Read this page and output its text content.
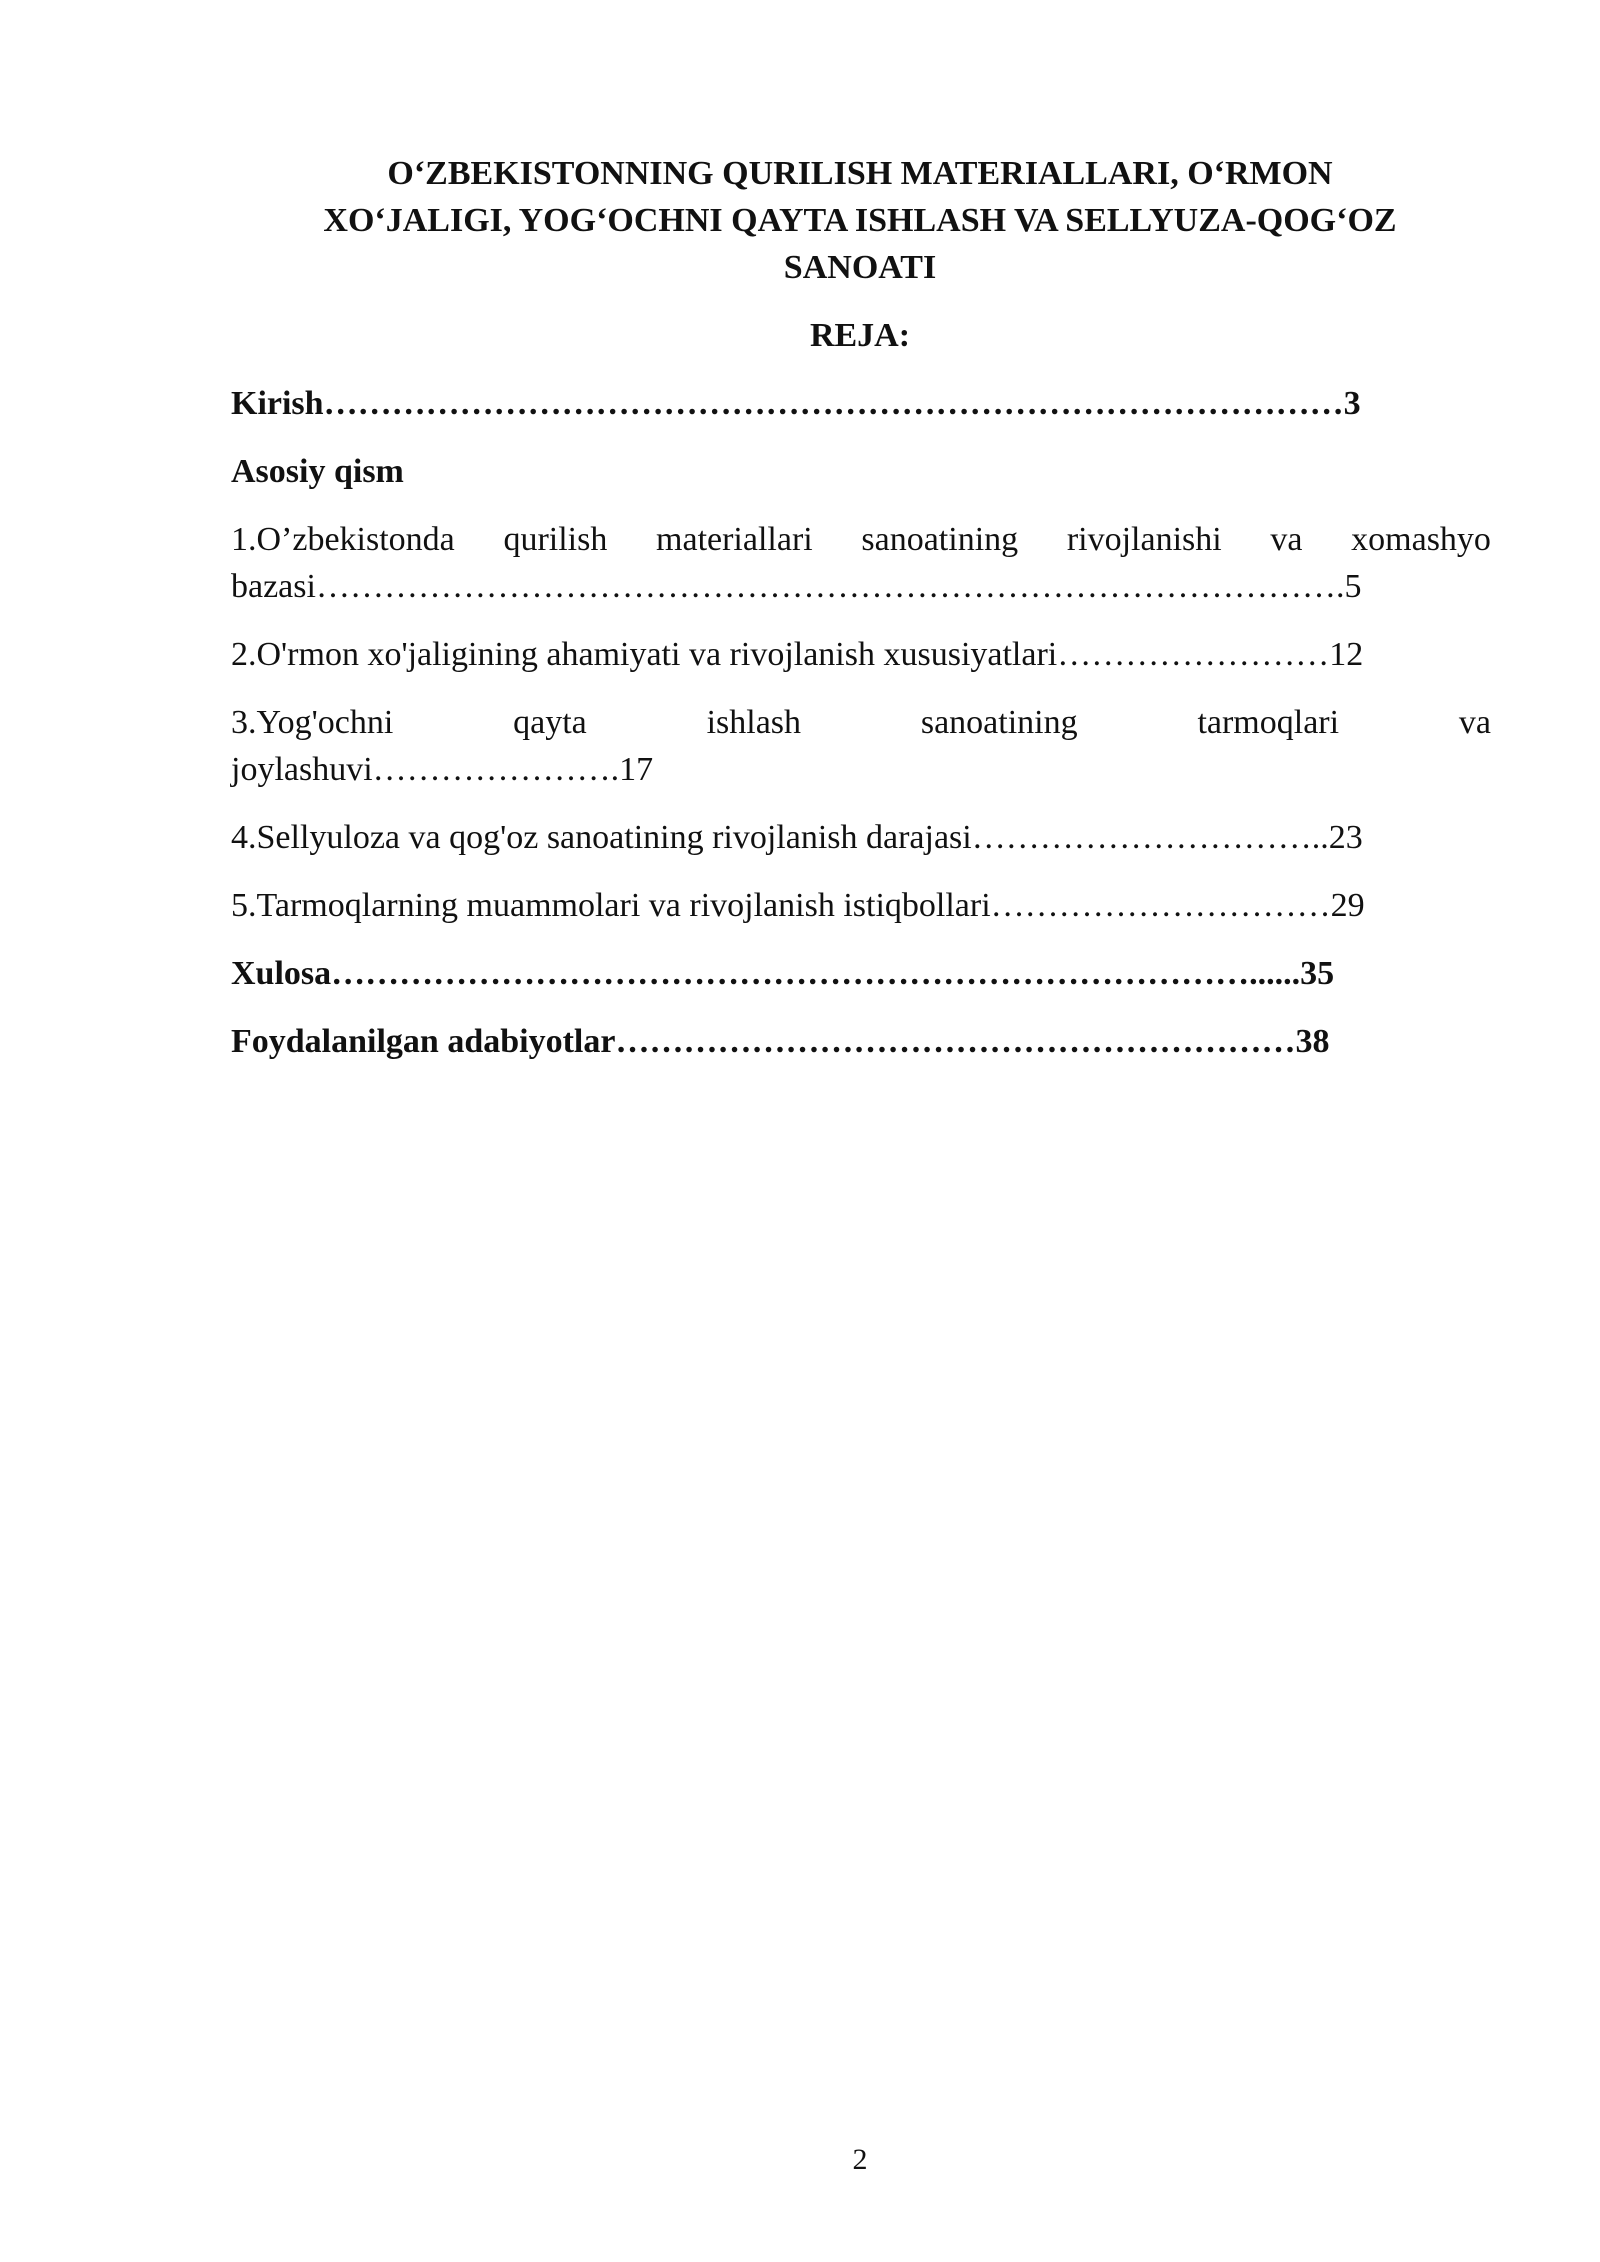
O‘ZBEKISTONNING QURILISH MATERIALLARI, O‘RMON
XO‘JALIGI, YOG‘OCHNI QAYTA ISHLASH VA SELLYUZA-QOG‘OZ
SANOATI
REJA:
Kirish………………………………………………………………………………3
Asosiy qism
1.O’zbekistonda qurilish materiallari sanoatining rivojlanishi va xomashyo
bazasi……………………………………………………………………………….5
2.O'rmon xo'jaligining ahamiyati va rivojlanish xususiyatlari……………………12
3.Yog'ochni	qayta	ishlash	sanoatining	tarmoqlari	va
joylashuvi………………….17
4.Sellyuloza va qog'oz sanoatining rivojlanish darajasi…………………………..23
5.Tarmoqlarning muammolari va rivojlanish istiqbollari…………………………29
Xulosa………………………………………………………………………......35
Foydalanilgan adabiyotlar……………………………………………………38
2
